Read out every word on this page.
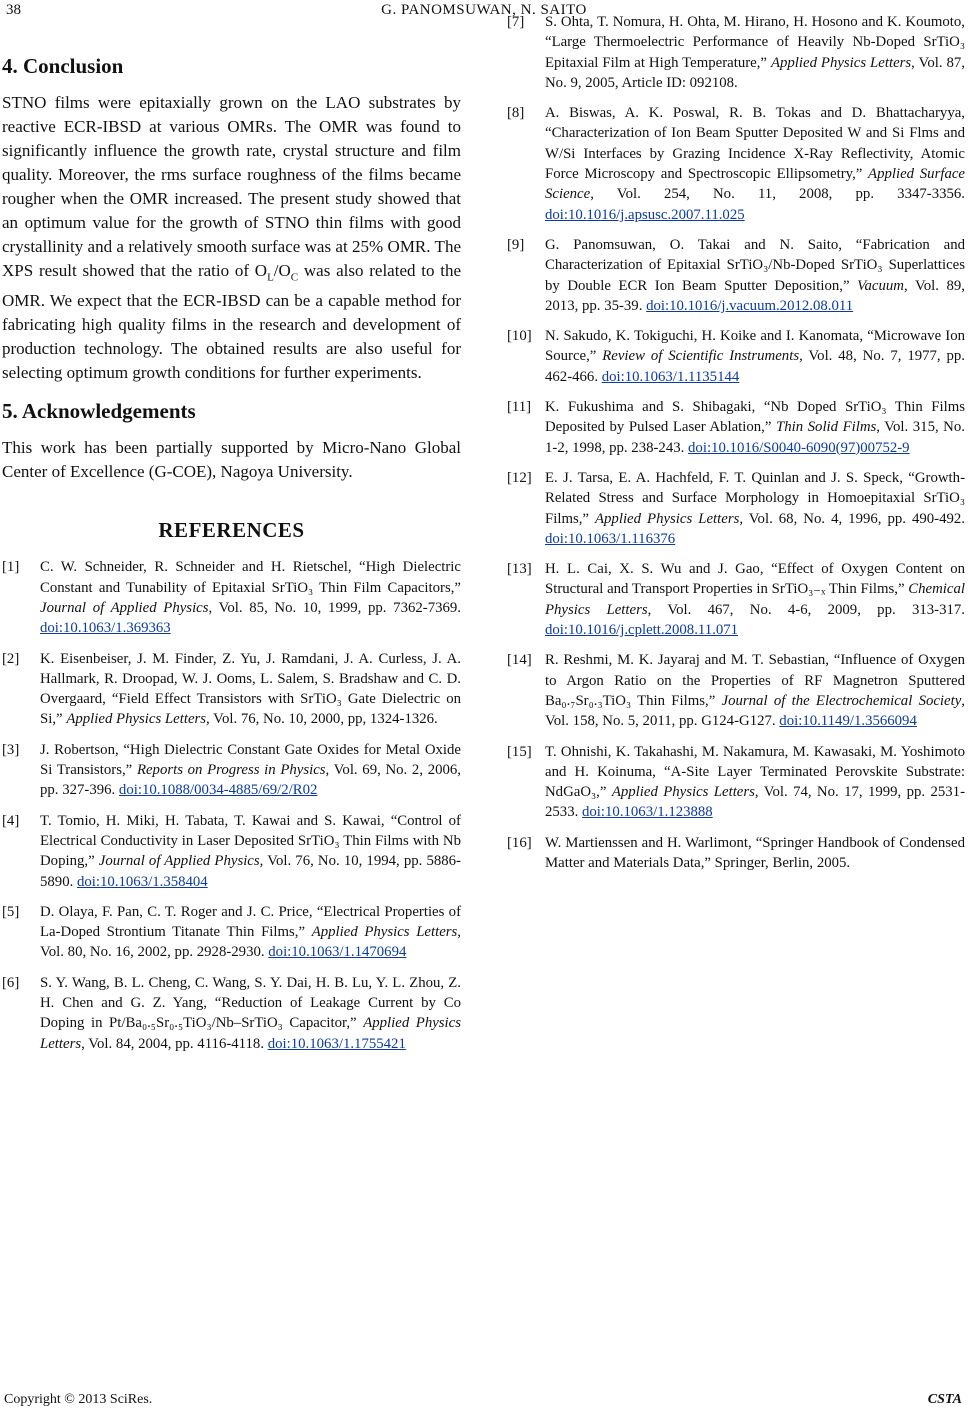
38	G. PANOMSUWAN, N. SAITO
4. Conclusion

STNO films were epitaxially grown on the LAO substrates by reactive ECR-IBSD at various OMRs. The OMR was found to significantly influence the growth rate, crystal structure and film quality. Moreover, the rms surface roughness of the films became rougher when the OMR increased. The present study showed that an optimum value for the growth of STNO thin films with good crystallinity and a relatively smooth surface was at 25% OMR. The XPS result showed that the ratio of $O_L/O_C$ was also related to the OMR. We expect that the ECR-IBSD can be a capable method for fabricating high quality films in the research and development of production technology. The obtained results are also useful for selecting optimum growth conditions for further experiments.

5. Acknowledgements

This work has been partially supported by Micro-Nano Global Center of Excellence (G-COE), Nagoya University.

REFERENCES
[1]	C. W. Schneider, R. Schneider and H. Rietschel, “High Dielectric Constant and Tunability of Epitaxial SrTiO₃ Thin Film Capacitors,” Journal of Applied Physics, Vol. 85, No. 10, 1999, pp. 7362-7369. doi:10.1063/1.369363
[2]	K. Eisenbeiser, J. M. Finder, Z. Yu, J. Ramdani, J. A. Curless, J. A. Hallmark, R. Droopad, W. J. Ooms, L. Salem, S. Bradshaw and C. D. Overgaard, “Field Effect Transistors with SrTiO₃ Gate Dielectric on Si,” Applied Physics Letters, Vol. 76, No. 10, 2000, pp, 1324-1326.
[3]	J. Robertson, “High Dielectric Constant Gate Oxides for Metal Oxide Si Transistors,” Reports on Progress in Physics, Vol. 69, No. 2, 2006, pp. 327-396. doi:10.1088/0034-4885/69/2/R02
[4]	T. Tomio, H. Miki, H. Tabata, T. Kawai and S. Kawai, “Control of Electrical Conductivity in Laser Deposited SrTiO₃ Thin Films with Nb Doping,” Journal of Applied Physics, Vol. 76, No. 10, 1994, pp. 5886-5890. doi:10.1063/1.358404
[5]	D. Olaya, F. Pan, C. T. Roger and J. C. Price, “Electrical Properties of La-Doped Strontium Titanate Thin Films,” Applied Physics Letters, Vol. 80, No. 16, 2002, pp. 2928-2930. doi:10.1063/1.1470694
[6]	S. Y. Wang, B. L. Cheng, C. Wang, S. Y. Dai, H. B. Lu, Y. L. Zhou, Z. H. Chen and G. Z. Yang, “Reduction of Leakage Current by Co Doping in Pt/Ba₀.₅Sr₀.₅TiO₃/Nb–SrTiO₃ Capacitor,” Applied Physics Letters, Vol. 84, 2004, pp. 4116-4118. doi:10.1063/1.1755421
[7]	S. Ohta, T. Nomura, H. Ohta, M. Hirano, H. Hosono and K. Koumoto, “Large Thermoelectric Performance of Heavily Nb-Doped SrTiO₃ Epitaxial Film at High Temperature,” Applied Physics Letters, Vol. 87, No. 9, 2005, Article ID: 092108.
[8]	A. Biswas, A. K. Poswal, R. B. Tokas and D. Bhattacharyya, “Characterization of Ion Beam Sputter Deposited W and Si Flms and W/Si Interfaces by Grazing Incidence X-Ray Reflectivity, Atomic Force Microscopy and Spectroscopic Ellipsometry,” Applied Surface Science, Vol. 254, No. 11, 2008, pp. 3347-3356. doi:10.1016/j.apsusc.2007.11.025
[9]	G. Panomsuwan, O. Takai and N. Saito, “Fabrication and Characterization of Epitaxial SrTiO₃/Nb-Doped SrTiO₃ Superlattices by Double ECR Ion Beam Sputter Deposition,” Vacuum, Vol. 89, 2013, pp. 35-39. doi:10.1016/j.vacuum.2012.08.011
[10] N. Sakudo, K. Tokiguchi, H. Koike and I. Kanomata, “Microwave Ion Source,” Review of Scientific Instruments, Vol. 48, No. 7, 1977, pp. 462-466. doi:10.1063/1.1135144
[11] K. Fukushima and S. Shibagaki, “Nb Doped SrTiO₃ Thin Films Deposited by Pulsed Laser Ablation,” Thin Solid Films, Vol. 315, No. 1-2, 1998, pp. 238-243. doi:10.1016/S0040-6090(97)00752-9
[12] E. J. Tarsa, E. A. Hachfeld, F. T. Quinlan and J. S. Speck, “Growth-Related Stress and Surface Morphology in Homoepitaxial SrTiO₃ Films,” Applied Physics Letters, Vol. 68, No. 4, 1996, pp. 490-492. doi:10.1063/1.116376
[13] H. L. Cai, X. S. Wu and J. Gao, “Effect of Oxygen Content on Structural and Transport Properties in SrTiO₃₋ₓ Thin Films,” Chemical Physics Letters, Vol. 467, No. 4-6, 2009, pp. 313-317. doi:10.1016/j.cplett.2008.11.071
[14] R. Reshmi, M. K. Jayaraj and M. T. Sebastian, “Influence of Oxygen to Argon Ratio on the Properties of RF Magnetron Sputtered Ba₀.₇Sr₀.₃TiO₃ Thin Films,” Journal of the Electrochemical Society, Vol. 158, No. 5, 2011, pp. G124-G127. doi:10.1149/1.3566094
[15] T. Ohnishi, K. Takahashi, M. Nakamura, M. Kawasaki, M. Yoshimoto and H. Koinuma, “A-Site Layer Terminated Perovskite Substrate: NdGaO₃,” Applied Physics Letters, Vol. 74, No. 17, 1999, pp. 2531-2533. doi:10.1063/1.123888
[16] W. Martienssen and H. Warlimont, “Springer Handbook of Condensed Matter and Materials Data,” Springer, Berlin, 2005.
Copyright © 2013 SciRes.	CSTA
